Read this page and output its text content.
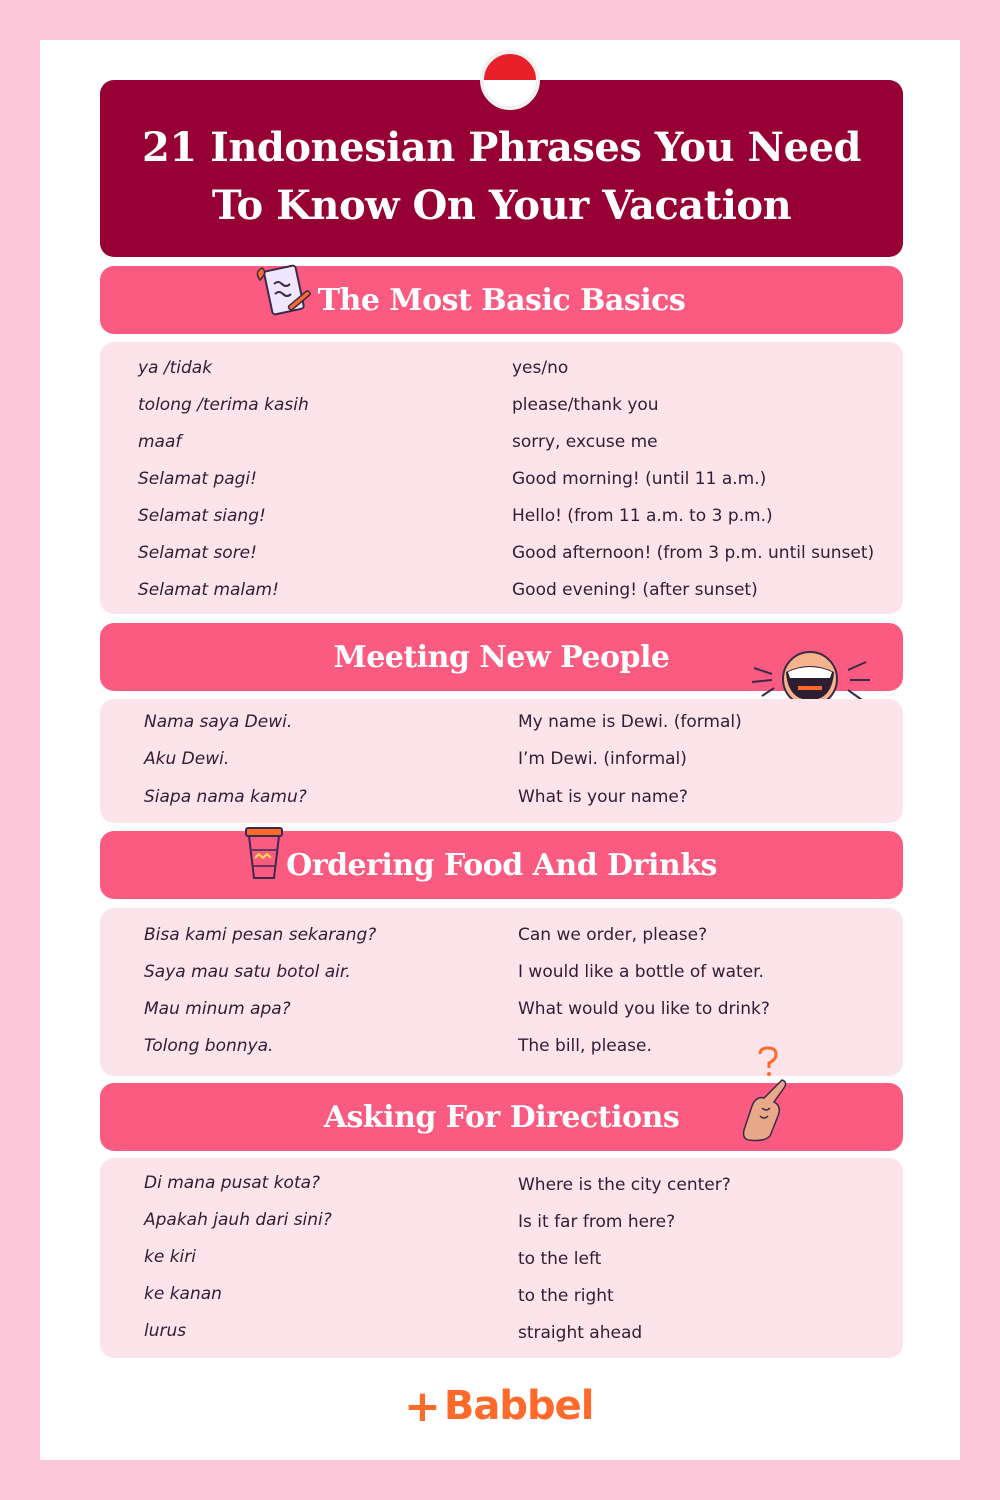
21 Indonesian Phrases You Need
To Know On Your Vacation
The Most Basic Basics
ya /tidak	yes/no
tolong /terima kasih	please/thank you
maaf	sorry, excuse me
Selamat pagi!	Good morning! (until 11 a.m.)
Selamat siang!	Hello! (from 11 a.m. to 3 p.m.)
Selamat sore!	Good afternoon! (from 3 p.m. until sunset)
Selamat malam!	Good evening! (after sunset)
Meeting New People
Nama saya Dewi.	My name is Dewi. (formal)
Aku Dewi.	I’m Dewi. (informal)
Siapa nama kamu?	What is your name?
Ordering Food And Drinks
Bisa kami pesan sekarang?	Can we order, please?
Saya mau satu botol air.	I would like a bottle of water.
Mau minum apa?	What would you like to drink?
Tolong bonnya.	The bill, please.
Asking For Directions
Di mana pusat kota?	Where is the city center?
Apakah jauh dari sini?	Is it far from here?
ke kiri	to the left
ke kanan	to the right
lurus	straight ahead
+ Babbel
